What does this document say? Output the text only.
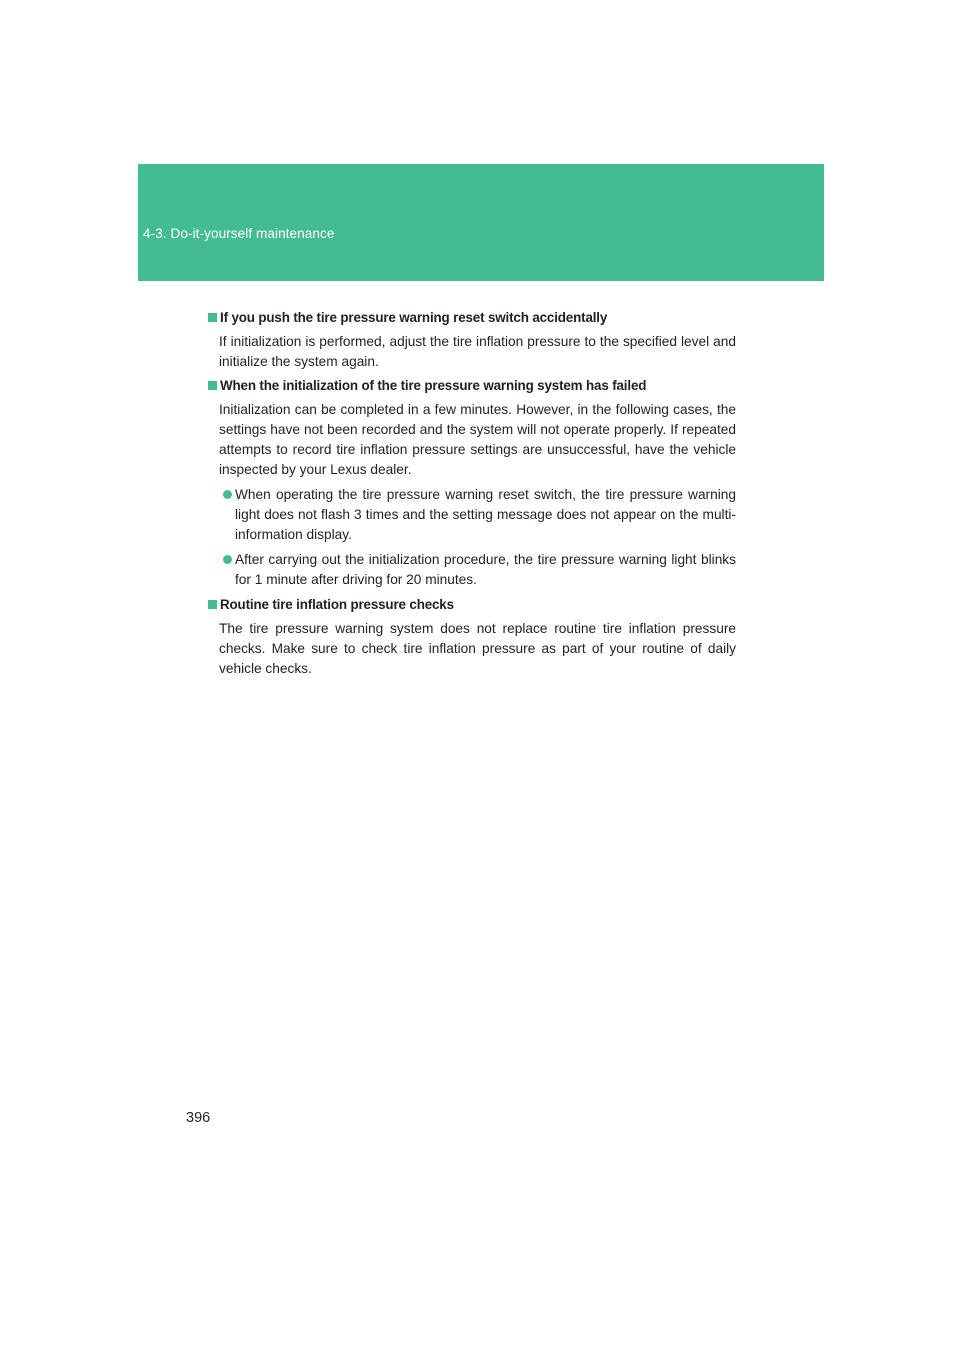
4-3. Do-it-yourself maintenance
If you push the tire pressure warning reset switch accidentally
If initialization is performed, adjust the tire inflation pressure to the specified level and initialize the system again.
When the initialization of the tire pressure warning system has failed
Initialization can be completed in a few minutes. However, in the following cases, the settings have not been recorded and the system will not operate properly. If repeated attempts to record tire inflation pressure settings are unsuccessful, have the vehicle inspected by your Lexus dealer.
When operating the tire pressure warning reset switch, the tire pressure warning light does not flash 3 times and the setting message does not appear on the multi-information display.
After carrying out the initialization procedure, the tire pressure warning light blinks for 1 minute after driving for 20 minutes.
Routine tire inflation pressure checks
The tire pressure warning system does not replace routine tire inflation pressure checks. Make sure to check tire inflation pressure as part of your routine of daily vehicle checks.
396
